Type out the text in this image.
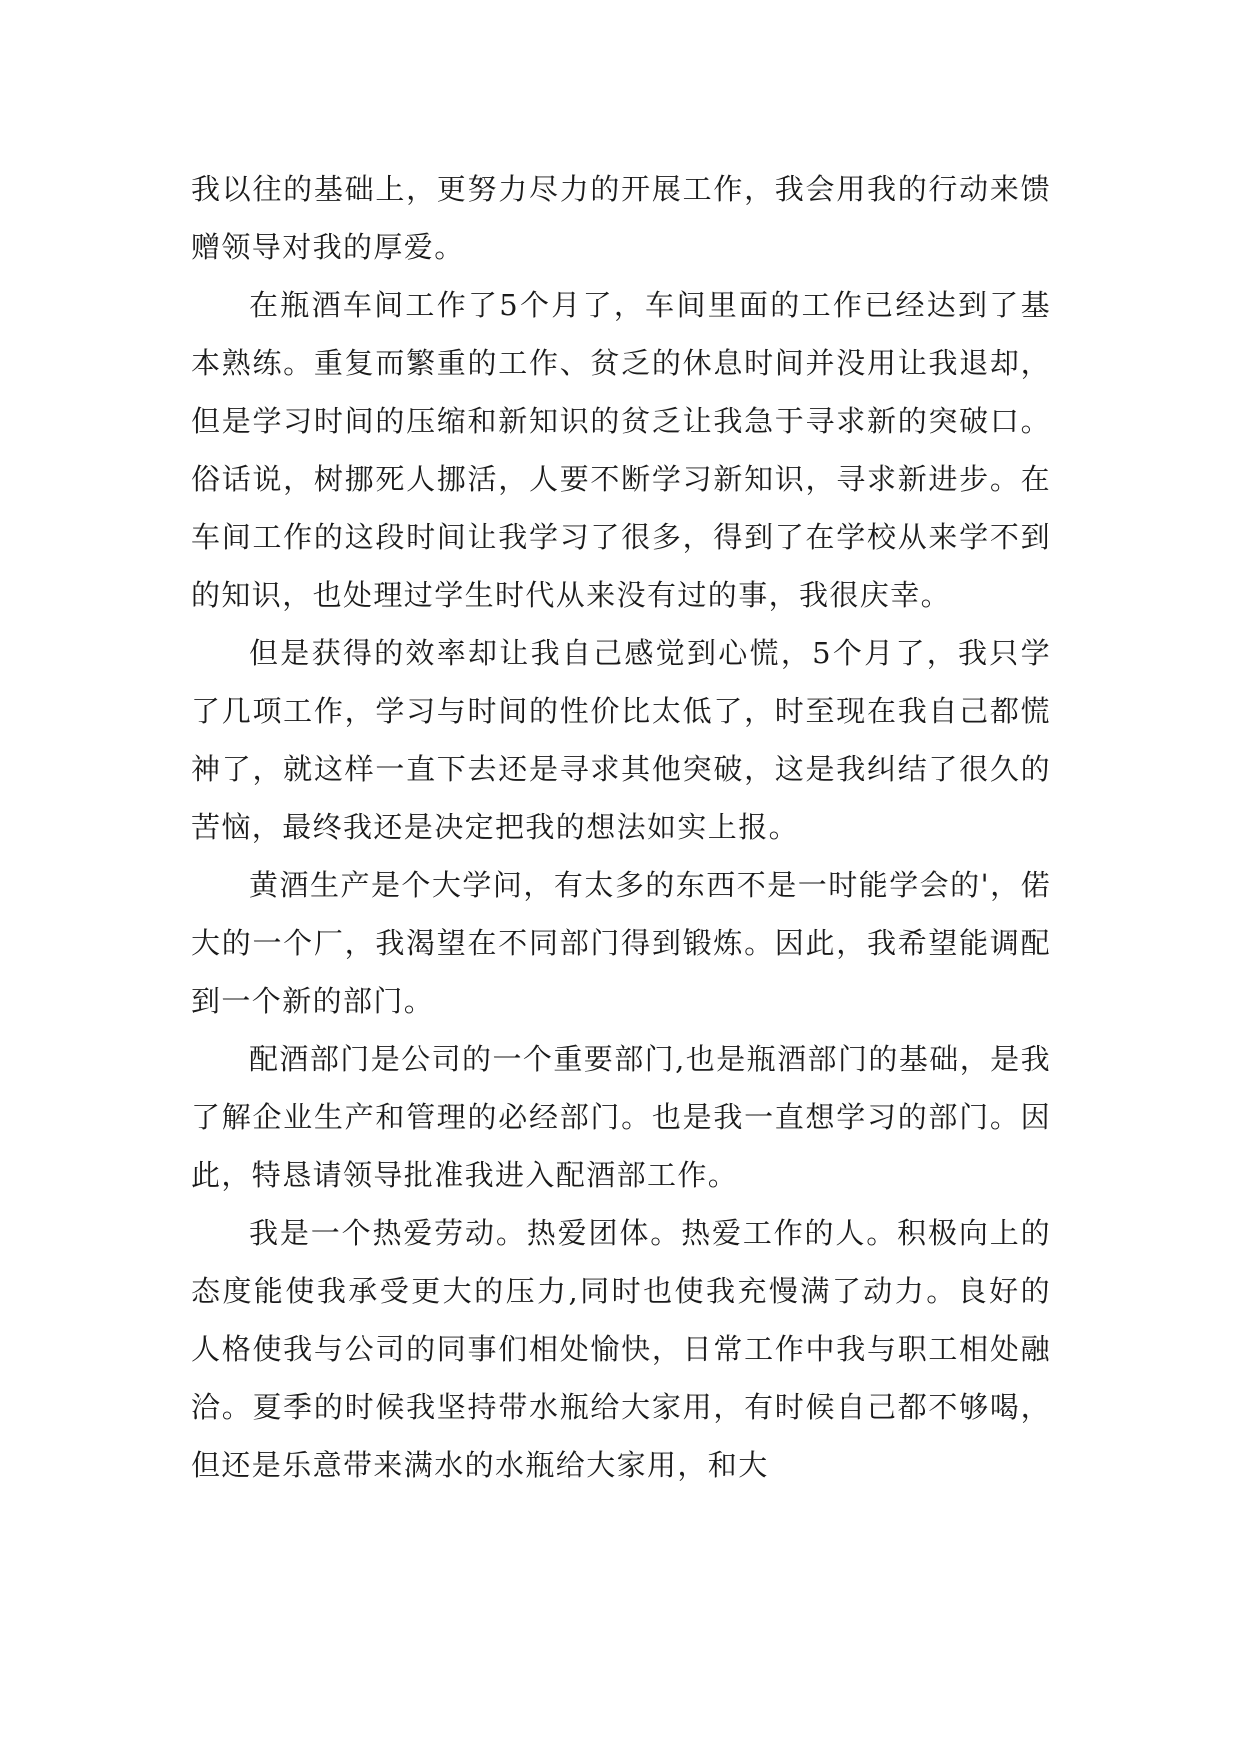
我以往的基础上，更努力尽力的开展工作，我会用我的行动来馈赠领导对我的厚爱。

在瓶酒车间工作了5个月了，车间里面的工作已经达到了基本熟练。重复而繁重的工作、贫乏的休息时间并没用让我退却，但是学习时间的压缩和新知识的贫乏让我急于寻求新的突破口。俗话说，树挪死人挪活，人要不断学习新知识，寻求新进步。在车间工作的这段时间让我学习了很多，得到了在学校从来学不到的知识，也处理过学生时代从来没有过的事，我很庆幸。

但是获得的效率却让我自己感觉到心慌，5个月了，我只学了几项工作，学习与时间的性价比太低了，时至现在我自己都慌神了，就这样一直下去还是寻求其他突破，这是我纠结了很久的苦恼，最终我还是决定把我的想法如实上报。

黄酒生产是个大学问，有太多的东西不是一时能学会的'，偌大的一个厂，我渴望在不同部门得到锻炼。因此，我希望能调配到一个新的部门。

配酒部门是公司的一个重要部门,也是瓶酒部门的基础，是我了解企业生产和管理的必经部门。也是我一直想学习的部门。因此，特恳请领导批准我进入配酒部工作。

我是一个热爱劳动。热爱团体。热爱工作的人。积极向上的态度能使我承受更大的压力,同时也使我充慢满了动力。良好的人格使我与公司的同事们相处愉快，日常工作中我与职工相处融洽。夏季的时候我坚持带水瓶给大家用，有时候自己都不够喝，但还是乐意带来满水的水瓶给大家用，和大
